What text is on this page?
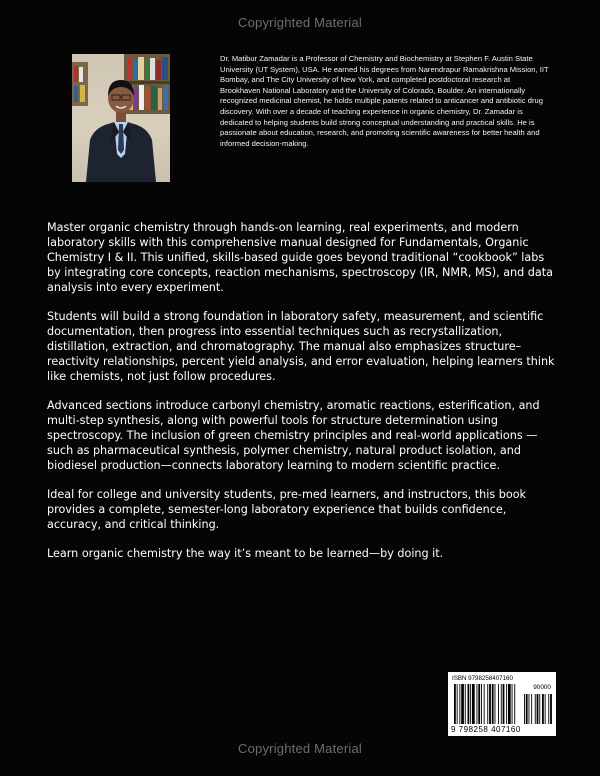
Copyrighted Material
Dr. Matibur Zamadar is a Professor of Chemistry and Biochemistry at Stephen F. Austin State University (UT System), USA. He earned his degrees from Narendrapur Ramakrishna Mission, IIT Bombay, and The City University of New York, and completed postdoctoral research at Brookhaven National Laboratory and the University of Colorado, Boulder. An internationally recognized medicinal chemist, he holds multiple patents related to anticancer and antibiotic drug discovery. With over a decade of teaching experience in organic chemistry, Dr. Zamadar is dedicated to helping students build strong conceptual understanding and practical skills. He is passionate about education, research, and promoting scientific awareness for better health and informed decision-making.

Master organic chemistry through hands-on learning, real experiments, and modern laboratory skills with this comprehensive manual designed for Fundamentals, Organic Chemistry I & II. This unified, skills-based guide goes beyond traditional “cookbook” labs by integrating core concepts, reaction mechanisms, spectroscopy (IR, NMR, MS), and data analysis into every experiment.

Students will build a strong foundation in laboratory safety, measurement, and scientific documentation, then progress into essential techniques such as recrystallization, distillation, extraction, and chromatography. The manual also emphasizes structure–reactivity relationships, percent yield analysis, and error evaluation, helping learners think like chemists, not just follow procedures.

Advanced sections introduce carbonyl chemistry, aromatic reactions, esterification, and multi-step synthesis, along with powerful tools for structure determination using spectroscopy. The inclusion of green chemistry principles and real-world applications —such as pharmaceutical synthesis, polymer chemistry, natural product isolation, and biodiesel production—connects laboratory learning to modern scientific practice.

Ideal for college and university students, pre-med learners, and instructors, this book provides a complete, semester-long laboratory experience that builds confidence, accuracy, and critical thinking.

Learn organic chemistry the way it’s meant to be learned—by doing it.

ISBN 9798258407160
90000
9 798258 407160
Copyrighted Material
